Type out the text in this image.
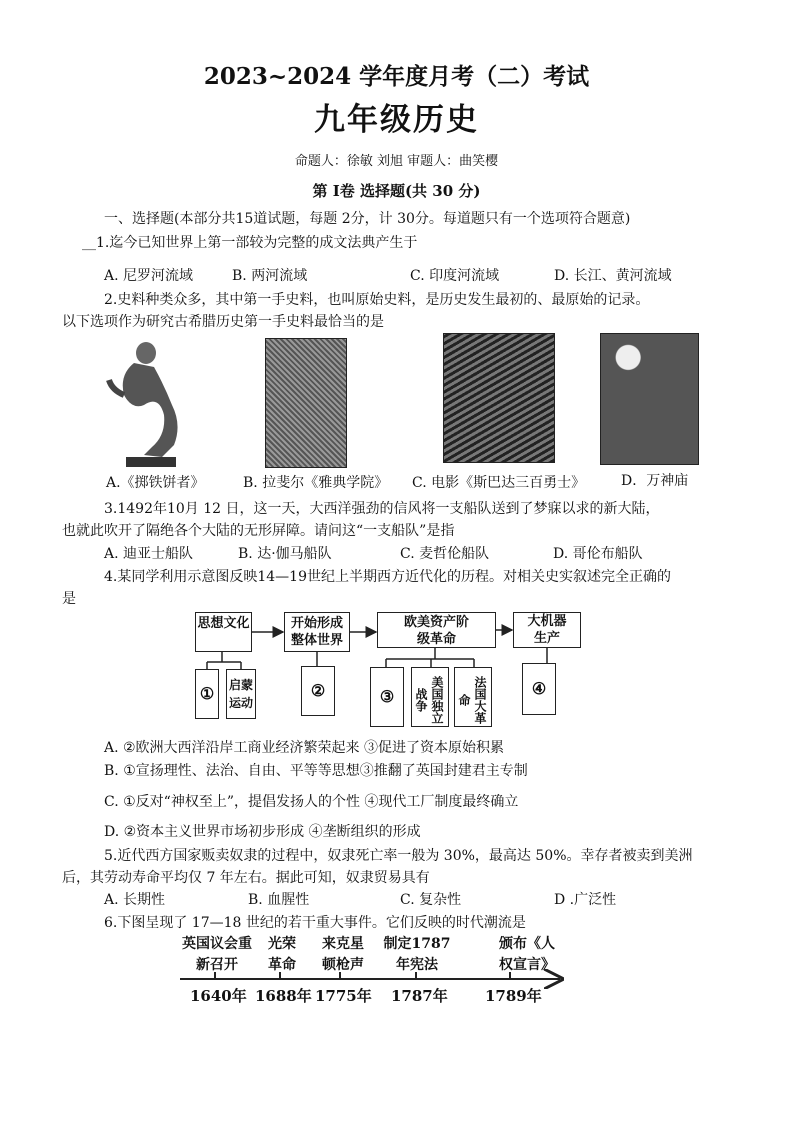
2023~2024 学年度月考（二）考试
九年级历史
命题人：徐敏 刘旭 审题人：曲笑樱
第 Ⅰ卷 选择题(共 30 分)
一、选择题(本部分共15道试题，每题 2分，计 30分。每道题只有一个选项符合题意)
__1.迄今已知世界上第一部较为完整的成文法典产生于
A. 尼罗河流域	B. 两河流域	C. 印度河流域	D. 长江、黄河流域
2.史料种类众多，其中第一手史料，也叫原始史料，是历史发生最初的、最原始的记录。
以下选项作为研究古希腊历史第一手史料最恰当的是
A.《掷铁饼者》	B. 拉斐尔《雅典学院》 C. 电影《斯巴达三百勇士》	D．万神庙
3.1492年10月 12 日，这一天，大西洋强劲的信风将一支船队送到了梦寐以求的新大陆，
也就此吹开了隔绝各个大陆的无形屏障。请问这“一支船队”是指
A. 迪亚士船队	B. 达·伽马船队	C. 麦哲伦船队	D. 哥伦布船队
4.某同学利用示意图反映14—19世纪上半期西方近代化的历程。对相关史实叙述完全正确的
是
思想文化	开始形成整体世界
欧美资产阶级革命
大机器生产
①	启蒙运动
②	③	美国独立战争	法国大革命
④
A. ②欧洲大西洋沿岸工商业经济繁荣起来 ③促进了资本原始积累
B. ①宣扬理性、法治、自由、平等等思想③推翻了英国封建君主专制
C. ①反对“神权至上”，提倡发扬人的个性 ④现代工厂制度最终确立
D. ②资本主义世界市场初步形成 ④垄断组织的形成
5.近代西方国家贩卖奴隶的过程中，奴隶死亡率一般为 30%，最高达 50%。幸存者被卖到美洲
后，其劳动寿命平均仅 7 年左右。据此可知，奴隶贸易具有
A. 长期性	B. 血腥性	C. 复杂性	D .广泛性
6.下图呈现了 17—18 世纪的若干重大事件。它们反映的时代潮流是
英国议会重新召开
光荣革命
来克星顿枪声
制定1787年宪法
颁布《人权宣言》
1640年 1688年 1775年 1787年 1789年
